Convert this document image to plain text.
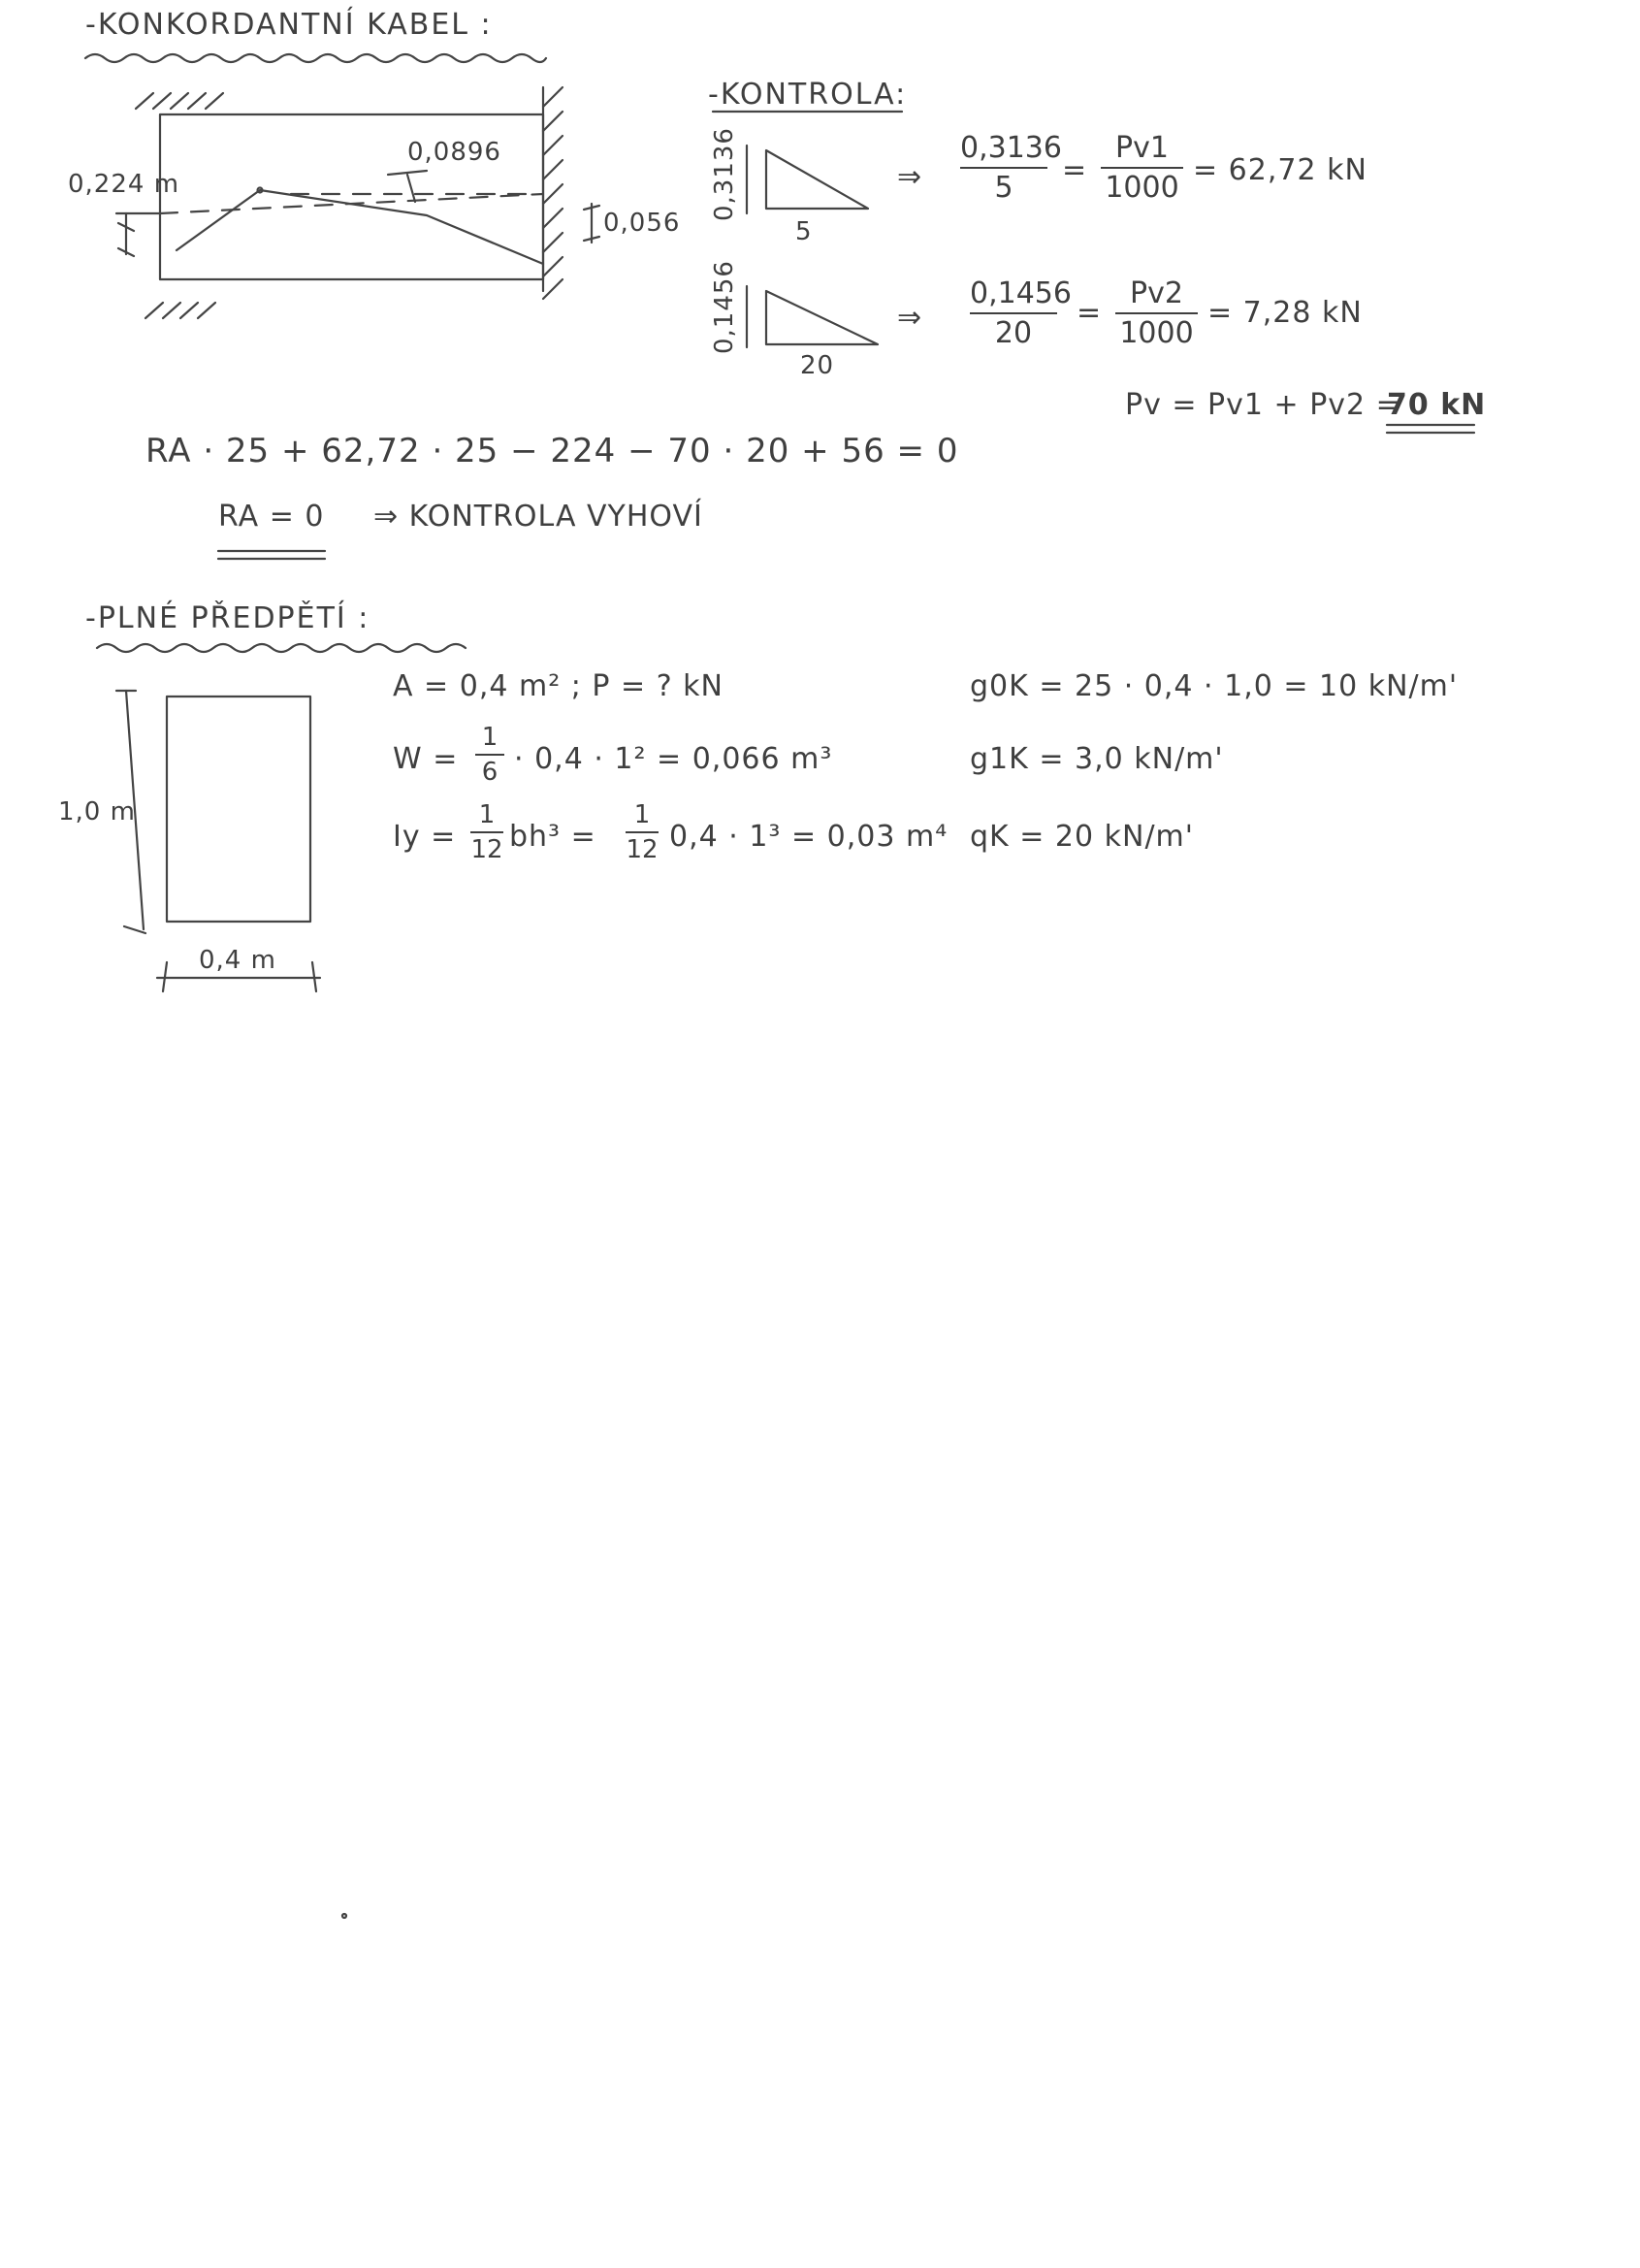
-KONKORDANTNÍ KABEL :
0,224 m
0,0896
0,056
-KONTROLA:
0,3136
5
0,1456
20
⇒
0,3136
5
=
Pv1
1000
= 62,72 kN
⇒
0,1456
20
=
Pv2
1000
= 7,28 kN
Pv = Pv1 + Pv2 =
70 kN
RA · 25 + 62,72 · 25 − 224 − 70 · 20 + 56 = 0
RA = 0 ⇒ KONTROLA VYHOVÍ
-PLNÉ PŘEDPĚTÍ :
1,0 m
0,4 m
A = 0,4 m² ; P = ? kN
W =
1
6 · 0,4 · 1² = 0,066 m³
Iy =
1
12 bh³ =
1
12 0,4 · 1³ = 0,03 m⁴
g0K = 25 · 0,4 · 1,0 = 10 kN/m'
g1K = 3,0 kN/m'
qK = 20 kN/m'
